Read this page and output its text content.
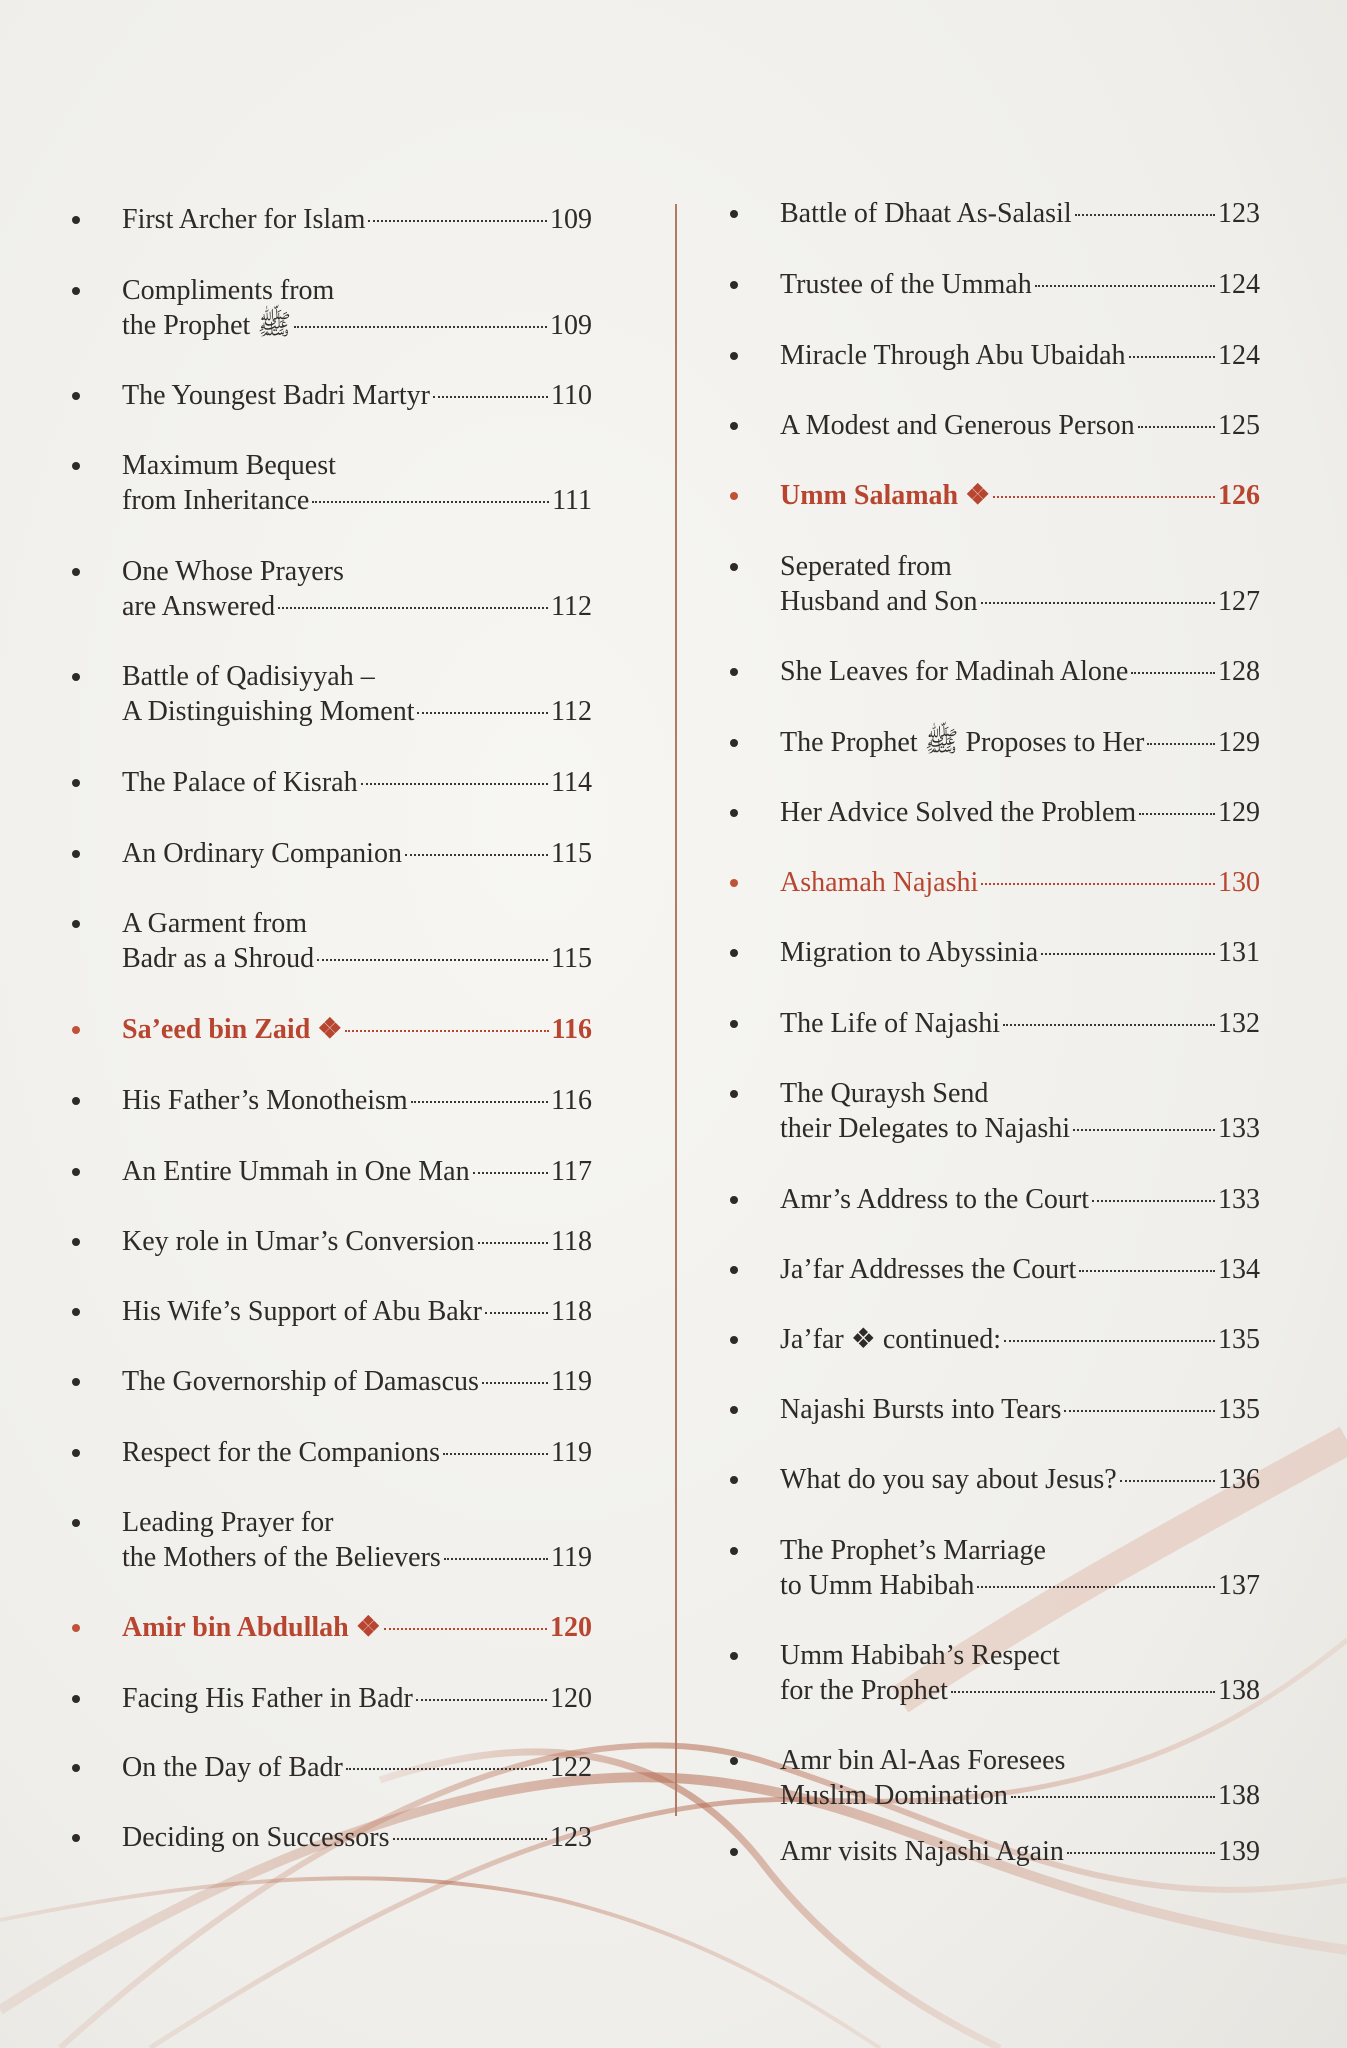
First Archer for Islam	109
Compliments from
the Prophet ﷺ	109
The Youngest Badri Martyr	110
Maximum Bequest
from Inheritance	111
One Whose Prayers
are Answered	112
Battle of Qadisiyyah –
A Distinguishing Moment	112
The Palace of Kisrah	114
An Ordinary Companion	115
A Garment from
Badr as a Shroud	115
Sa’eed bin Zaid ❖	116
His Father’s Monotheism	116
An Entire Ummah in One Man	117
Key role in Umar’s Conversion	118
His Wife’s Support of Abu Bakr 118
The Governorship of Damascus	119
Respect for the Companions	119
Leading Prayer for
the Mothers of the Believers	119
Amir bin Abdullah ❖	120
Facing His Father in Badr	120
On the Day of Badr	122
Deciding on Successors	123
Battle of Dhaat As-Salasil	123
Trustee of the Ummah	124
Miracle Through Abu Ubaidah	124
A Modest and Generous Person	125
Umm Salamah ❖	126
Seperated from
Husband and Son	127
She Leaves for Madinah Alone	128
The Prophet ﷺ Proposes to Her	129
Her Advice Solved the Problem	129
Ashamah Najashi	130
Migration to Abyssinia	131
The Life of Najashi	132
The Quraysh Send
their Delegates to Najashi	133
Amr’s Address to the Court	133
Ja’far Addresses the Court	134
Ja’far ❖ continued:	135
Najashi Bursts into Tears	135
What do you say about Jesus?	136
The Prophet’s Marriage
to Umm Habibah	137
Umm Habibah’s Respect
for the Prophet	138
Amr bin Al-Aas Foresees
Muslim Domination	138
Amr visits Najashi Again	139
